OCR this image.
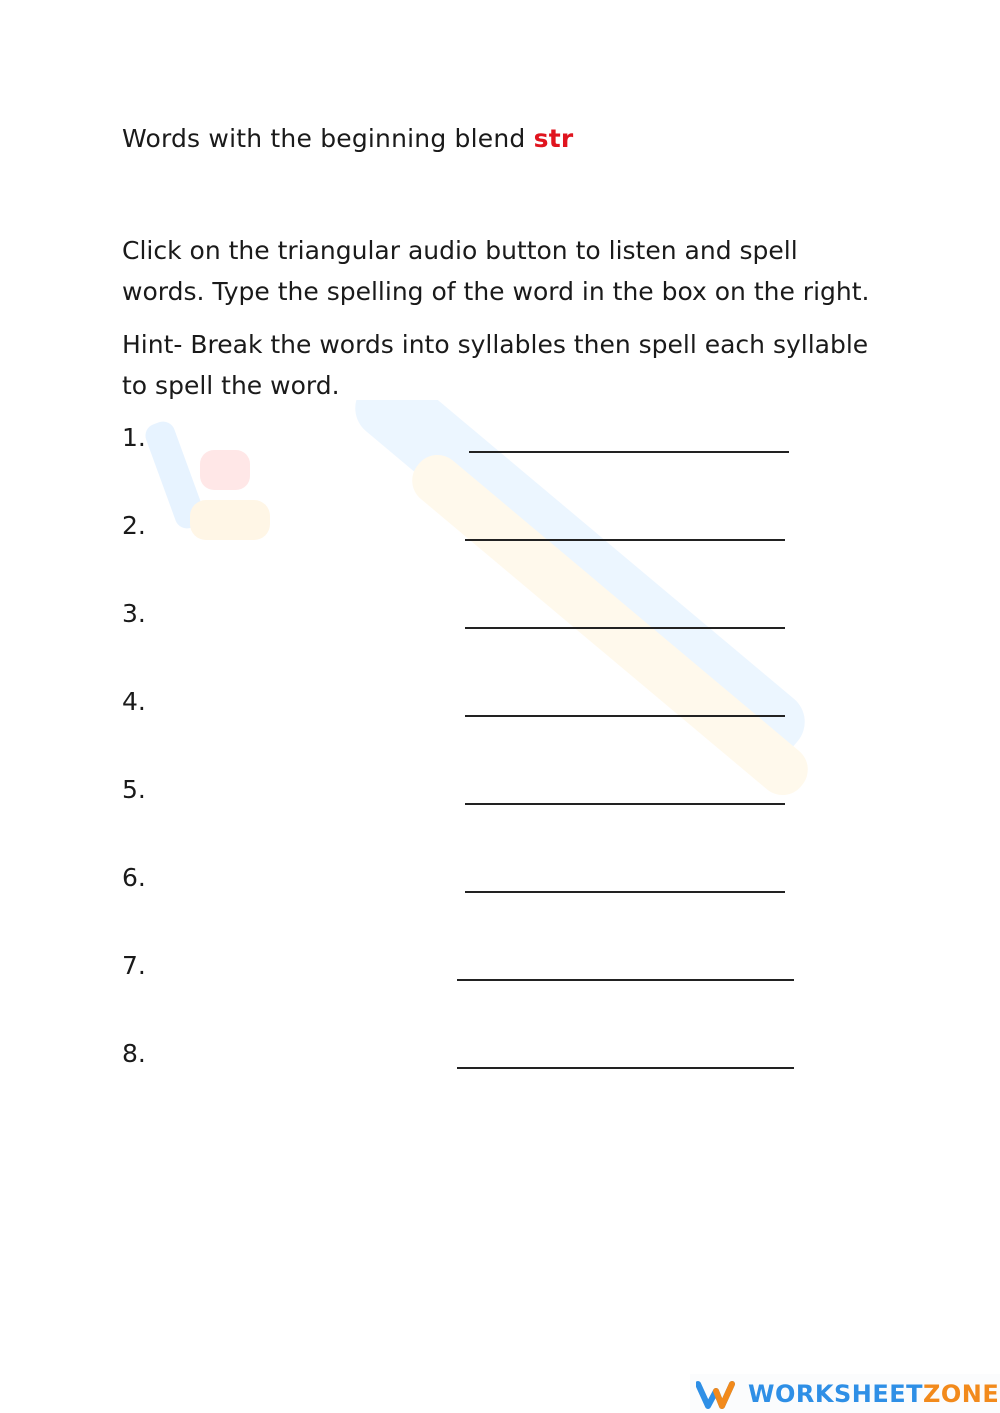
Words with the beginning blend str
Click on the triangular audio button to listen and spell
words. Type the spelling of the word in the box on the right.
Hint- Break the words into syllables then spell each syllable
to spell the word.
1.
2.
3.
4.
5.
6.
7.
8.
WORKSHEETZONE
